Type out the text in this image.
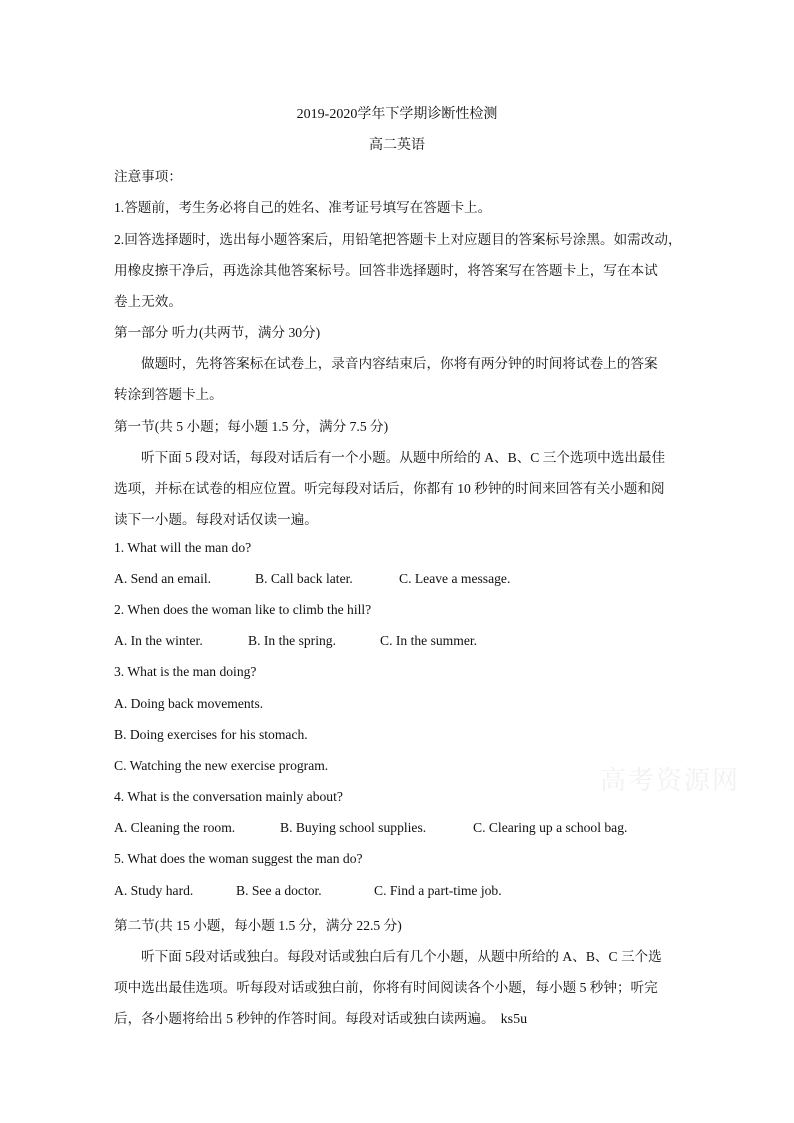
2019-2020学年下学期诊断性检测
高二英语
注意事项：
1.答题前，考生务必将自己的姓名、准考证号填写在答题卡上。
2.回答选择题时，选出每小题答案后，用铅笔把答题卡上对应题目的答案标号涂黑。如需改动，
用橡皮擦干净后，再选涂其他答案标号。回答非选择题时，将答案写在答题卡上，写在本试
卷上无效。
第一部分 听力(共两节，满分 30分)
做题时，先将答案标在试卷上，录音内容结束后，你将有两分钟的时间将试卷上的答案
转涂到答题卡上。
第一节(共 5 小题；每小题 1.5 分，满分 7.5 分)
听下面 5 段对话，每段对话后有一个小题。从题中所给的 A、B、C 三个选项中选出最佳
选项，并标在试卷的相应位置。听完每段对话后，你都有 10 秒钟的时间来回答有关小题和阅
读下一小题。每段对话仅读一遍。
1. What will the man do?
A. Send an email.	B. Call back later.	C. Leave a message.
2. When does the woman like to climb the hill?
A. In the winter.	B. In the spring.	C. In the summer.
3. What is the man doing?
A. Doing back movements.
B. Doing exercises for his stomach.
C. Watching the new exercise program.
4. What is the conversation mainly about?
A. Cleaning the room.	B. Buying school supplies.	C. Clearing up a school bag.
5. What does the woman suggest the man do?
A. Study hard.	B. See a doctor.	C. Find a part-time job.
第二节(共 15 小题，每小题 1.5 分，满分 22.5 分)
听下面 5段对话或独白。每段对话或独白后有几个小题，从题中所给的 A、B、C 三个选
项中选出最佳选项。听每段对话或独白前，你将有时间阅读各个小题，每小题 5 秒钟；听完
后，各小题将给出 5 秒钟的作答时间。每段对话或独白读两遍。 ks5u
高考资源网
